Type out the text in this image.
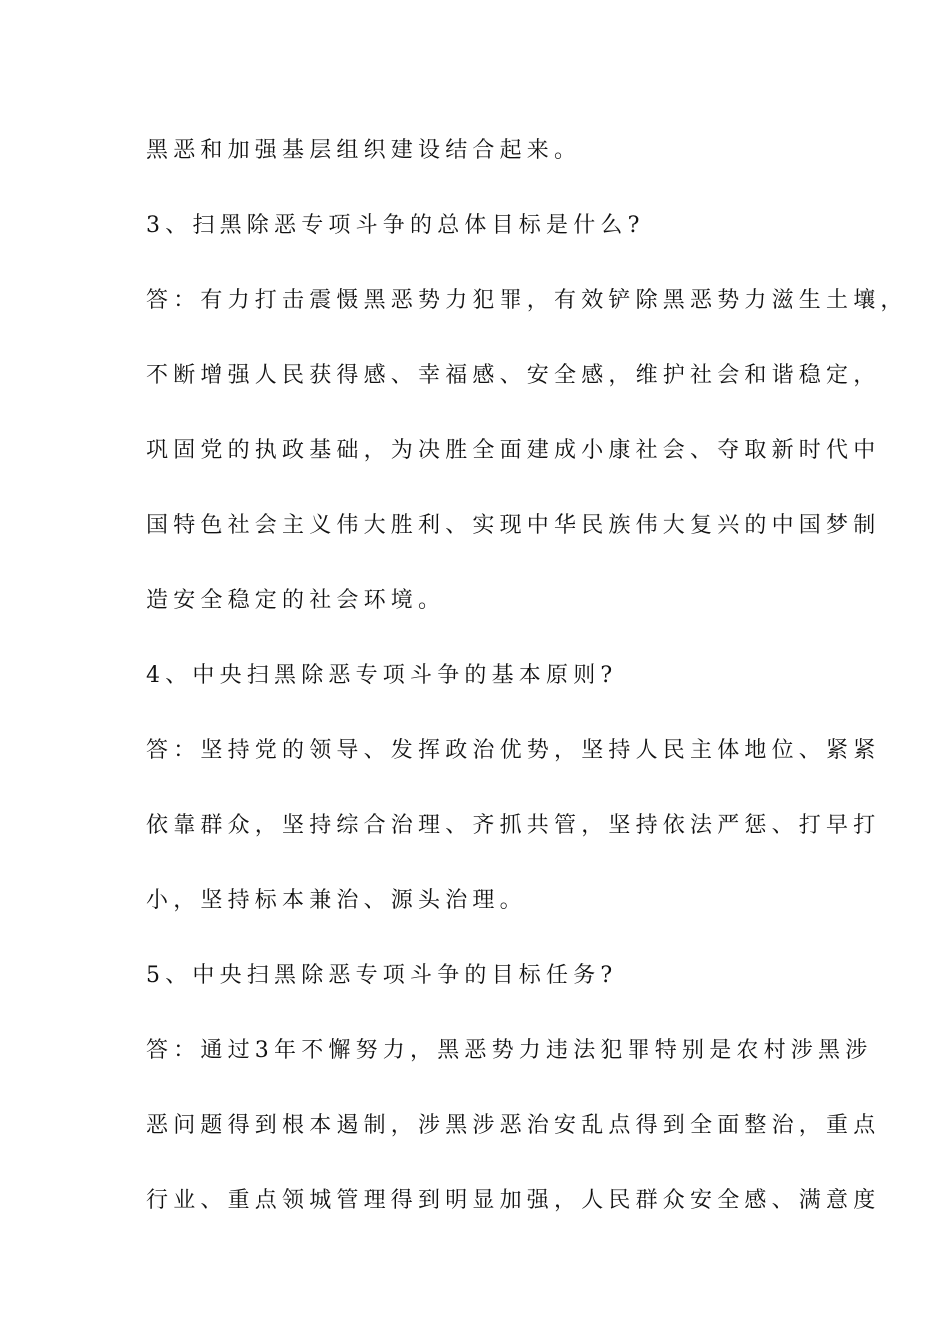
黑恶和加强基层组织建设结合起来。
3、扫黑除恶专项斗争的总体目标是什么?
答：有力打击震慑黑恶势力犯罪，有效铲除黑恶势力滋生土壤，
不断增强人民获得感、幸福感、安全感，维护社会和谐稳定，
巩固党的执政基础，为决胜全面建成小康社会、夺取新时代中
国特色社会主义伟大胜利、实现中华民族伟大复兴的中国梦制
造安全稳定的社会环境。
4、中央扫黑除恶专项斗争的基本原则?
答：坚持党的领导、发挥政治优势，坚持人民主体地位、紧紧
依靠群众，坚持综合治理、齐抓共管，坚持依法严惩、打早打
小，坚持标本兼治、源头治理。
5、中央扫黑除恶专项斗争的目标任务?
答：通过3年不懈努力，黑恶势力违法犯罪特别是农村涉黑涉
恶问题得到根本遏制，涉黑涉恶治安乱点得到全面整治，重点
行业、重点领城管理得到明显加强，人民群众安全感、满意度
